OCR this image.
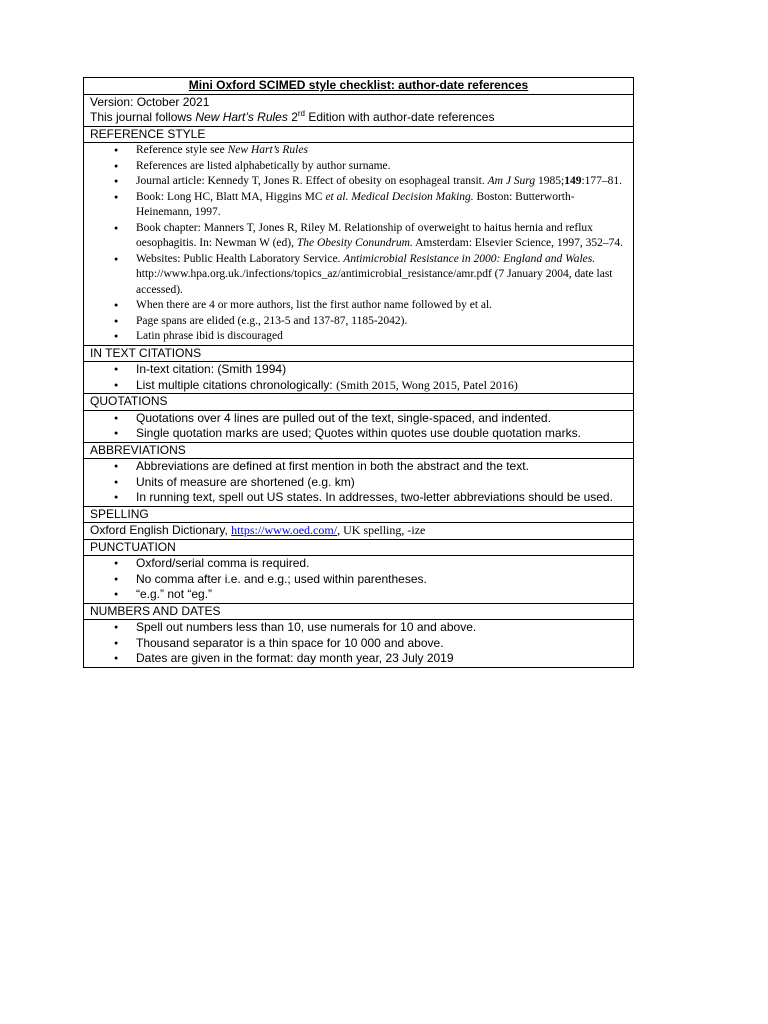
Mini Oxford SCIMED style checklist: author-date references

Version: October 2021
This journal follows New Hart’s Rules 2rd Edition with author-date references

REFERENCE STYLE

● Reference style see New Hart’s Rules
● References are listed alphabetically by author surname.
● Journal article: Kennedy T, Jones R. Effect of obesity on esophageal transit. Am J Surg 1985;149:177–81.
● Book: Long HC, Blatt MA, Higgins MC et al. Medical Decision Making. Boston: Butterworth-Heinemann, 1997.
● Book chapter: Manners T, Jones R, Riley M. Relationship of overweight to haitus hernia and reflux oesophagitis. In: Newman W (ed), The Obesity Conundrum. Amsterdam: Elsevier Science, 1997, 352–74.
● Websites: Public Health Laboratory Service. Antimicrobial Resistance in 2000: England and Wales. http://www.hpa.org.uk./infections/topics_az/antimicrobial_resistance/amr.pdf (7 January 2004, date last accessed).
● When there are 4 or more authors, list the first author name followed by et al.
● Page spans are elided (e.g., 213-5 and 137-87, 1185-2042).
● Latin phrase ibid is discouraged

IN TEXT CITATIONS

● In-text citation: (Smith 1994)
● List multiple citations chronologically: (Smith 2015, Wong 2015, Patel 2016)

QUOTATIONS

● Quotations over 4 lines are pulled out of the text, single-spaced, and indented.
● Single quotation marks are used; Quotes within quotes use double quotation marks.

ABBREVIATIONS

● Abbreviations are defined at first mention in both the abstract and the text.
● Units of measure are shortened (e.g. km)
● In running text, spell out US states. In addresses, two-letter abbreviations should be used.

SPELLING
Oxford English Dictionary, https://www.oed.com/, UK spelling, -ize
PUNCTUATION

● Oxford/serial comma is required.
● No comma after i.e. and e.g.; used within parentheses.
● “e.g.” not “eg.”

NUMBERS AND DATES

● Spell out numbers less than 10, use numerals for 10 and above.
● Thousand separator is a thin space for 10 000 and above.
● Dates are given in the format: day month year, 23 July 2019
